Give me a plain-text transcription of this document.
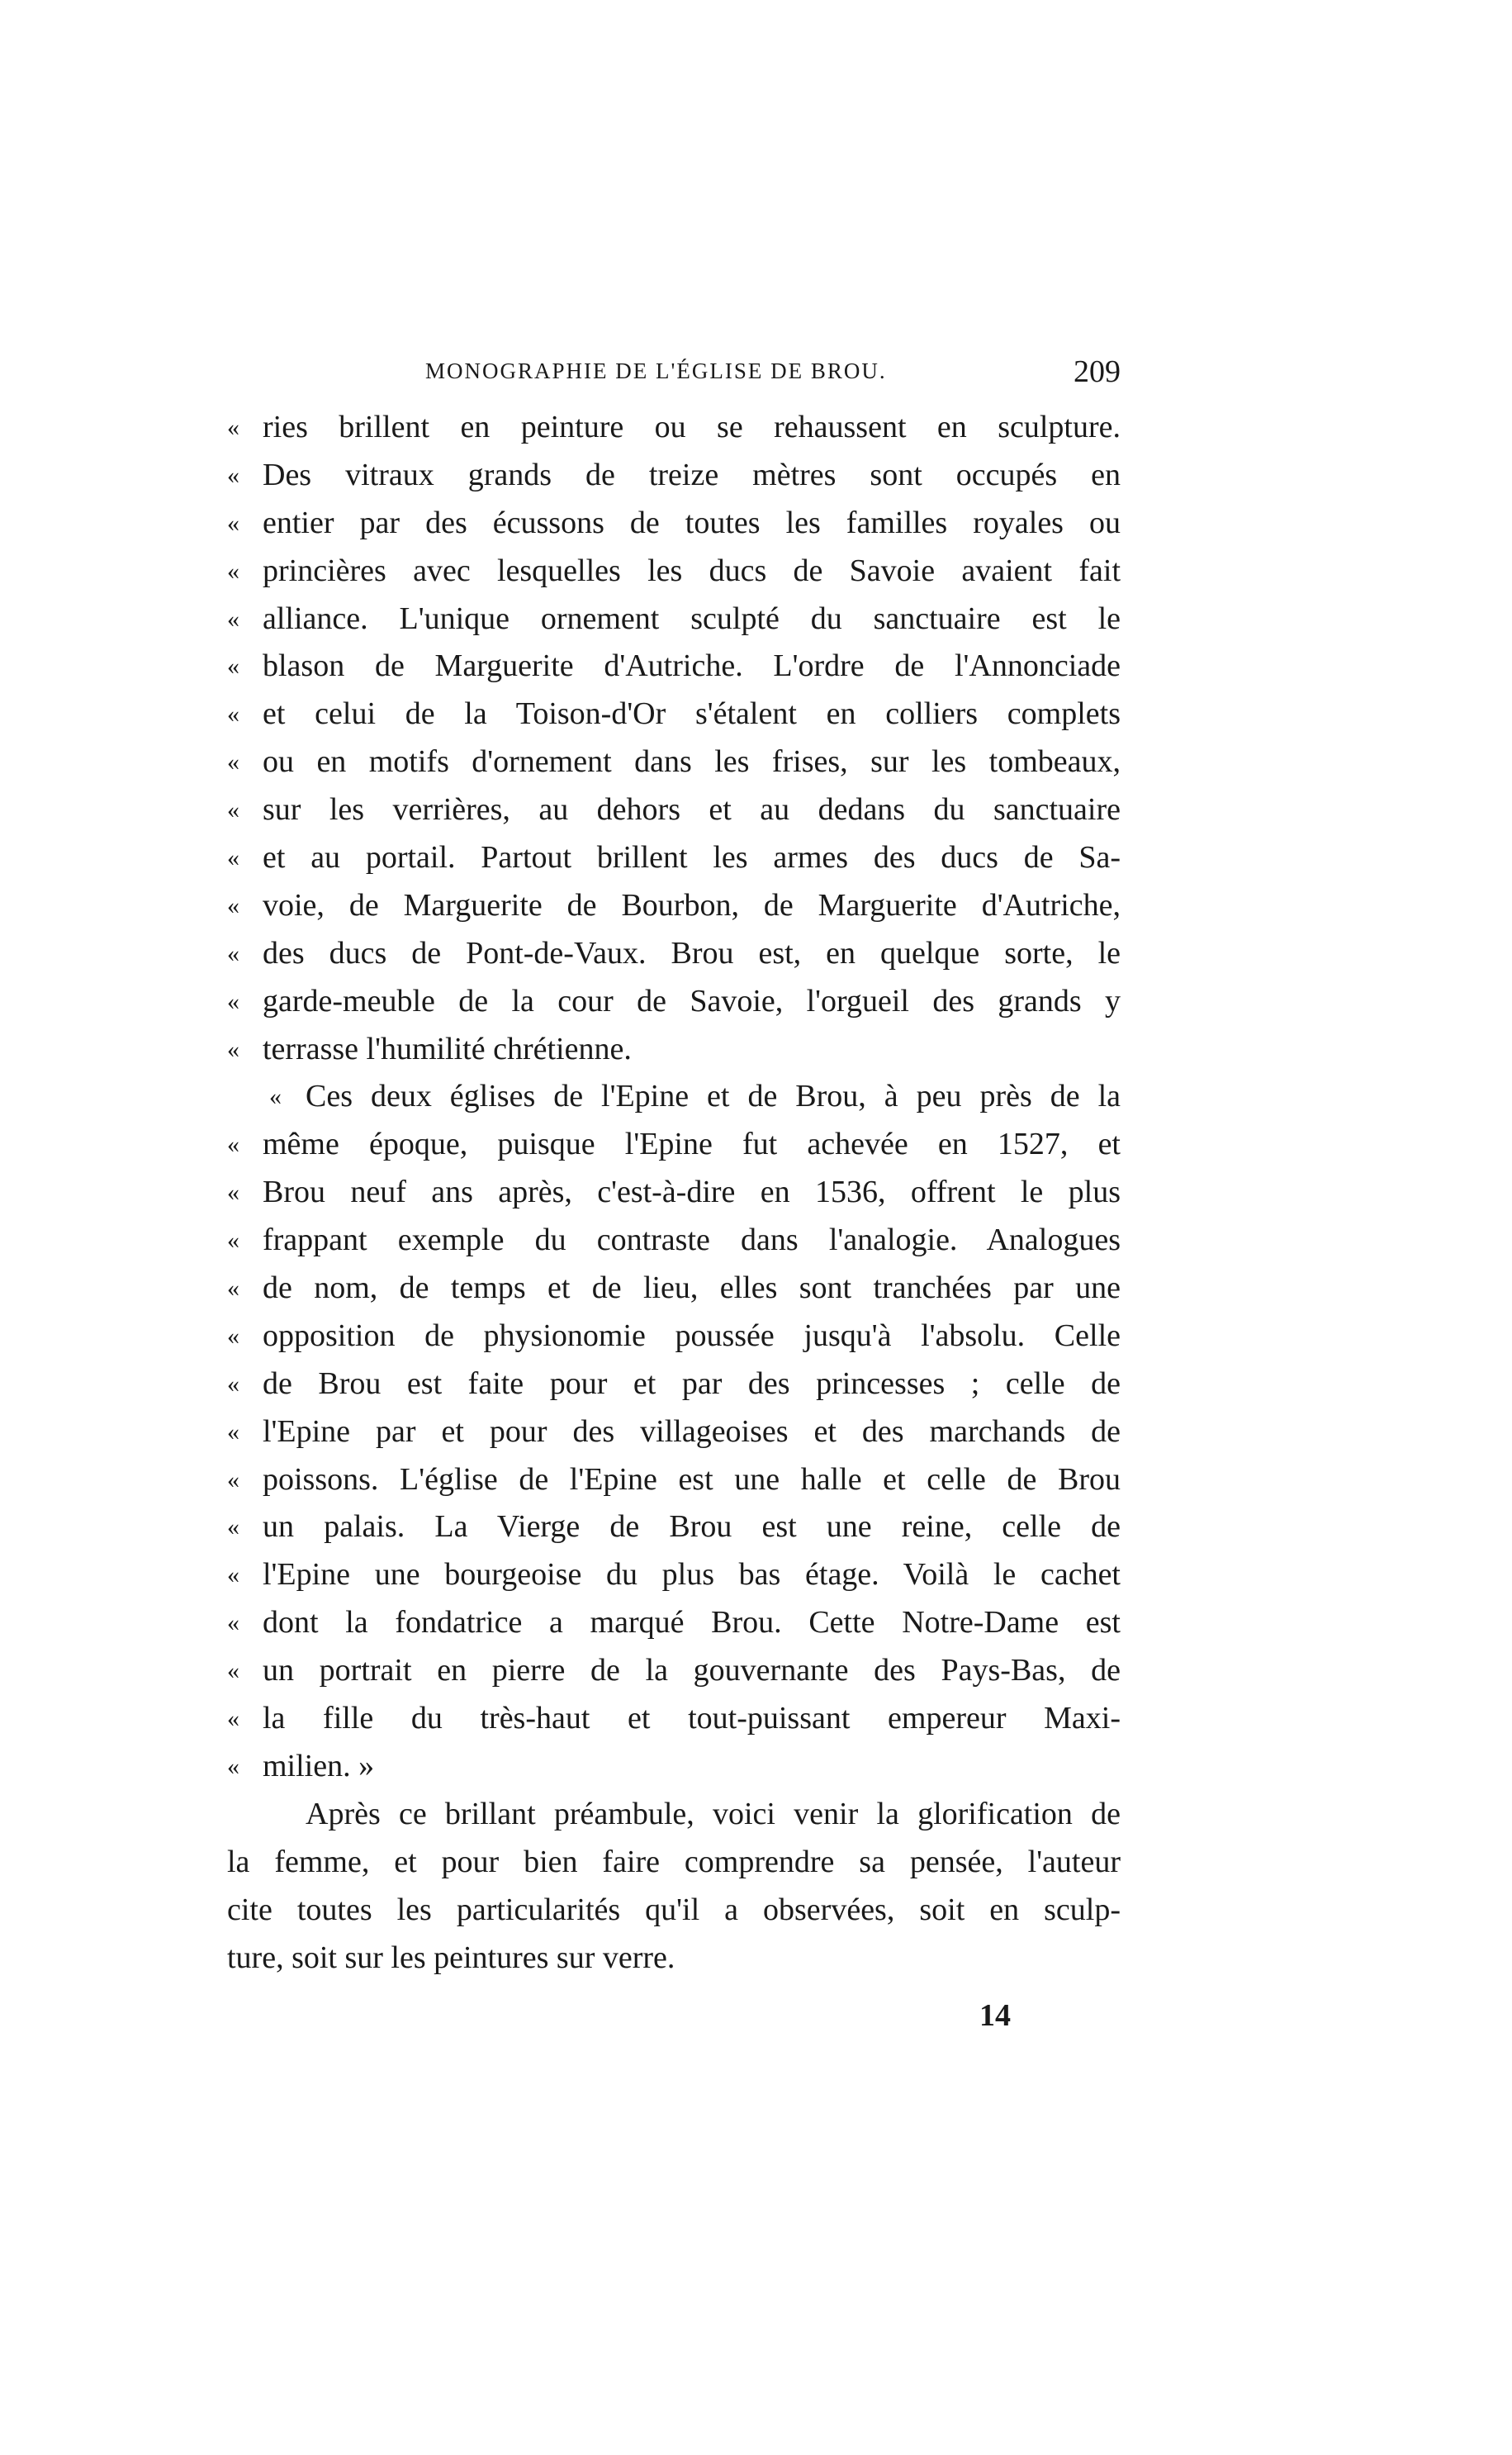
MONOGRAPHIE DE L'ÉGLISE DE BROU.	209
« ries brillent en peinture ou se rehaussent en sculpture.
« Des vitraux grands de treize mètres sont occupés en
« entier par des écussons de toutes les familles royales ou
« princières avec lesquelles les ducs de Savoie avaient fait
« alliance. L'unique ornement sculpté du sanctuaire est le
« blason de Marguerite d'Autriche. L'ordre de l'Annonciade
« et celui de la Toison-d'Or s'étalent en colliers complets
« ou en motifs d'ornement dans les frises, sur les tombeaux,
« sur les verrières, au dehors et au dedans du sanctuaire
« et au portail. Partout brillent les armes des ducs de Sa-
« voie, de Marguerite de Bourbon, de Marguerite d'Autriche,
« des ducs de Pont-de-Vaux. Brou est, en quelque sorte, le
« garde-meuble de la cour de Savoie, l'orgueil des grands y
« terrasse l'humilité chrétienne.
« Ces deux églises de l'Epine et de Brou, à peu près de la
« même époque, puisque l'Epine fut achevée en 1527, et
« Brou neuf ans après, c'est-à-dire en 1536, offrent le plus
« frappant exemple du contraste dans l'analogie. Analogues
« de nom, de temps et de lieu, elles sont tranchées par une
« opposition de physionomie poussée jusqu'à l'absolu. Celle
« de Brou est faite pour et par des princesses ; celle de
« l'Epine par et pour des villageoises et des marchands de
« poissons. L'église de l'Epine est une halle et celle de Brou
« un palais. La Vierge de Brou est une reine, celle de
« l'Epine une bourgeoise du plus bas étage. Voilà le cachet
« dont la fondatrice a marqué Brou. Cette Notre-Dame est
« un portrait en pierre de la gouvernante des Pays-Bas, de
« la fille du très-haut et tout-puissant empereur Maxi-
« milien. »
Après ce brillant préambule, voici venir la glorification de
la femme, et pour bien faire comprendre sa pensée, l'auteur
cite toutes les particularités qu'il a observées, soit en sculp-
ture, soit sur les peintures sur verre.
14
